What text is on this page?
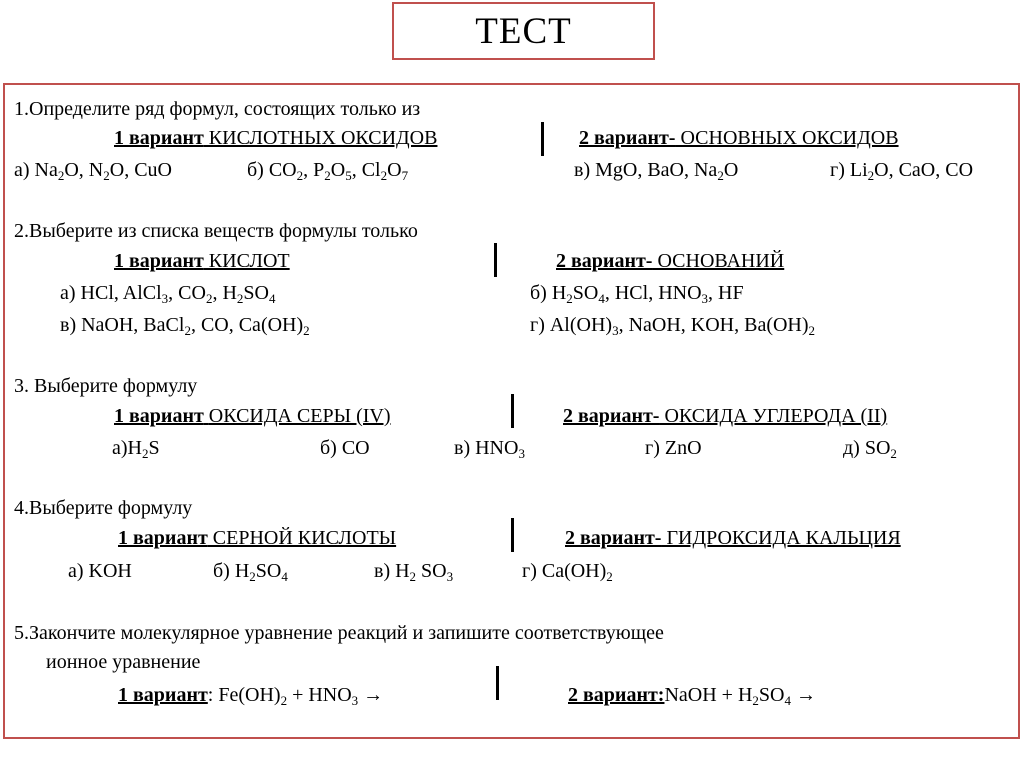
ТЕСТ
1.Определите ряд формул, состоящих только из
1 вариант КИСЛОТНЫХ ОКСИДОВ	2 вариант- ОСНОВНЫХ ОКСИДОВ
а) $Na_2O$, $N_2O$, CuO	б) $CO_2$, $P_2O_5$, $Cl_2O_7$	в) MgO, BaO, $Na_2O$	г) $Li_2O$, CaO, CO
2.Выберите из списка веществ формулы только
1 вариант КИСЛОТ	2 вариант- ОСНОВАНИЙ
а) HCl, AlCl$_3$, $CO_2$, $H_2SO_4$	б) $H_2SO_4$, HCl, $HNO_3$, HF
в) NaOH, BaCl$_2$, CO, $Ca(OH)_2$	г) $Al(OH)_3$, NaOH, KOH, $Ba(OH)_2$
3. Выберите формулу
1 вариант ОКСИДА СЕРЫ (IV)	2 вариант- ОКСИДА УГЛЕРОДА (II)
$а)H_2S$	б) CO	в) $HNO_3$	г) ZnO	д) $SO_2$
4.Выберите формулу
1 вариант СЕРНОЙ КИСЛОТЫ	2 вариант- ГИДРОКСИДА КАЛЬЦИЯ
а) KOH	б) $H_2SO_4$	в) $H_2$ $SO_3$	г) $Ca(OH)_2$
5.Закончите молекулярное уравнение реакций и запишите соответствующее
ионное уравнение
1 вариант: $Fe(OH)_2 + HNO_3$ →	2 вариант:NaOH + $H_2SO_4$ →
